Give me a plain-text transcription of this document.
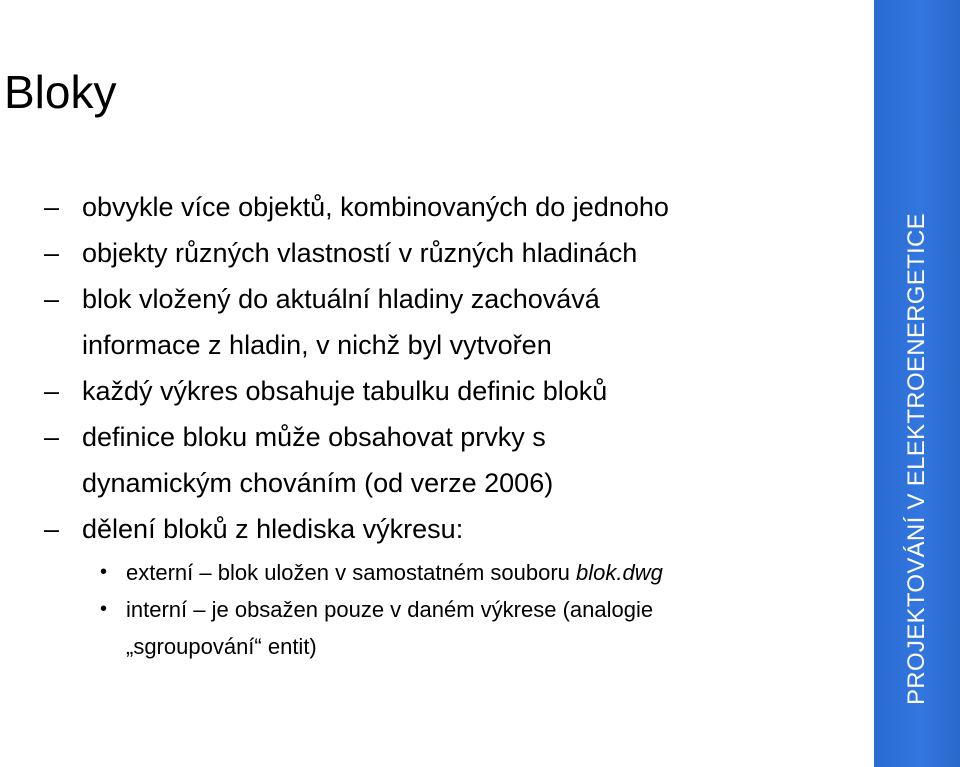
Bloky
– obvykle více objektů, kombinovaných do jednoho
– objekty různých vlastností v různých hladinách
– blok vložený do aktuální hladiny zachovává
informace z hladin, v nichž byl vytvořen
– každý výkres obsahuje tabulku definic bloků
– definice bloku může obsahovat prvky s
dynamickým chováním (od verze 2006)
– dělení bloků z hlediska výkresu:
• externí – blok uložen v samostatném souboru blok.dwg
• interní – je obsažen pouze v daném výkrese (analogie
„sgroupování“ entit)	PROJEKTOVÁNÍ V ELEKTROENERGETICE
